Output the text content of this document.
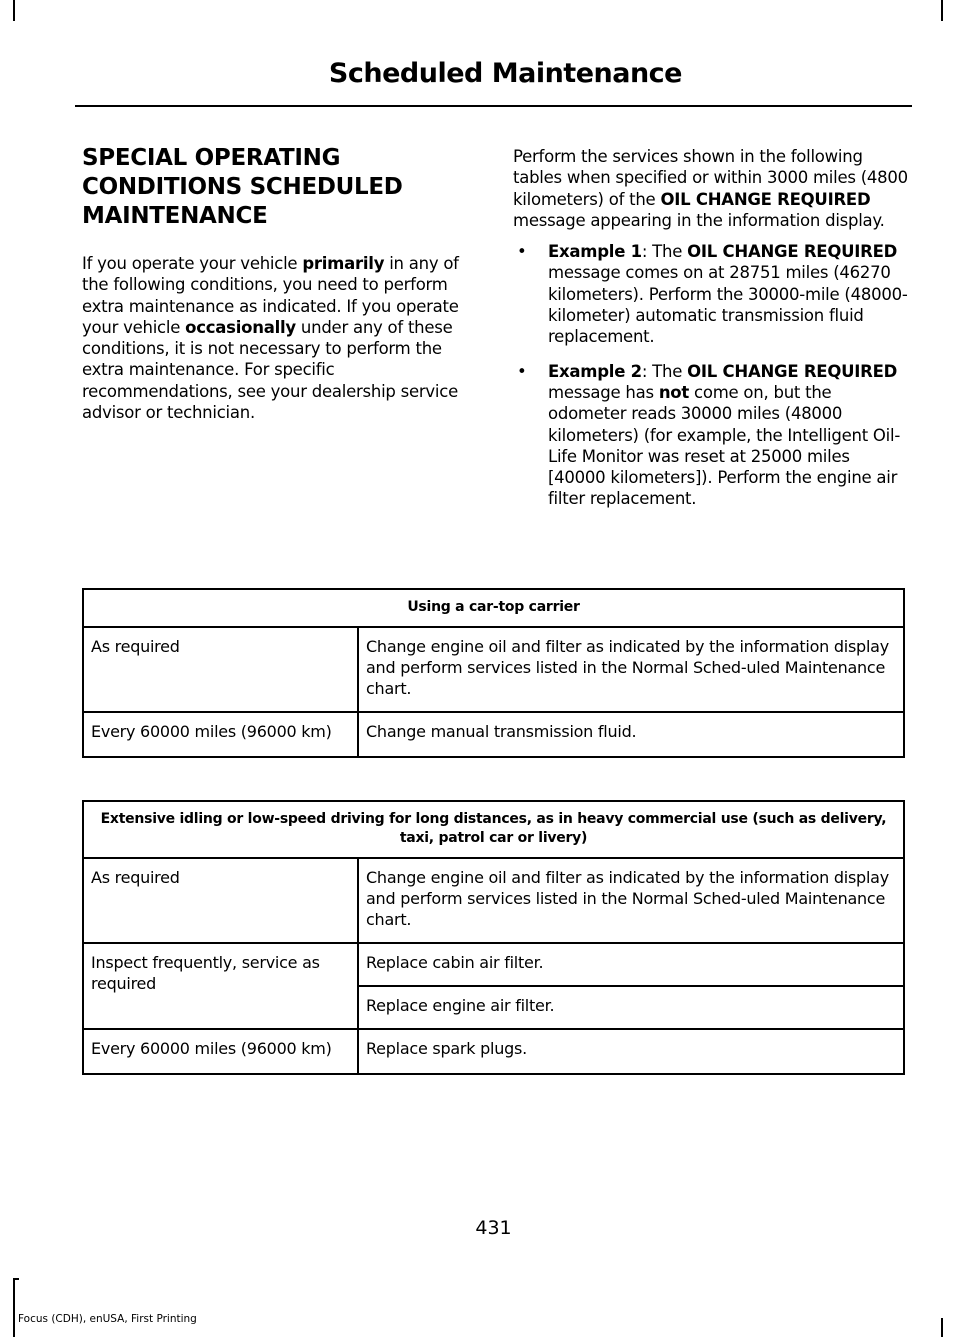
Scheduled Maintenance
SPECIAL OPERATING CONDITIONS SCHEDULED MAINTENANCE

If you operate your vehicle primarily in any of the following conditions, you need to perform extra maintenance as indicated. If you operate your vehicle occasionally under any of these conditions, it is not necessary to perform the extra maintenance. For specific recommendations, see your dealership service advisor or technician.

Perform the services shown in the following tables when specified or within 3000 miles (4800 kilometers) of the OIL CHANGE REQUIRED message appearing in the information display.

• Example 1: The OIL CHANGE REQUIRED message comes on at 28751 miles (46270 kilometers). Perform the 30000-mile (48000-kilometer) automatic transmission fluid replacement.
• Example 2: The OIL CHANGE REQUIRED message has not come on, but the odometer reads 30000 miles (48000 kilometers) (for example, the Intelligent Oil-Life Monitor was reset at 25000 miles [40000 kilometers]). Perform the engine air filter replacement.
Using a car-top carrier	
As required	Change engine oil and filter as indicated by the information display and perform services listed in the Normal Sched-uled Maintenance chart.
Every 60000 miles (96000 km)	Change manual transmission fluid.
Extensive idling or low-speed driving for long distances, as in heavy commercial use (such as delivery, taxi, patrol car or livery)	
As required	Change engine oil and filter as indicated by the information display and perform services listed in the Normal Sched-uled Maintenance chart.
Inspect frequently, service as required	Replace cabin air filter.
	Replace engine air filter.
Every 60000 miles (96000 km)	Replace spark plugs.
431
Focus (CDH), enUSA, First Printing
